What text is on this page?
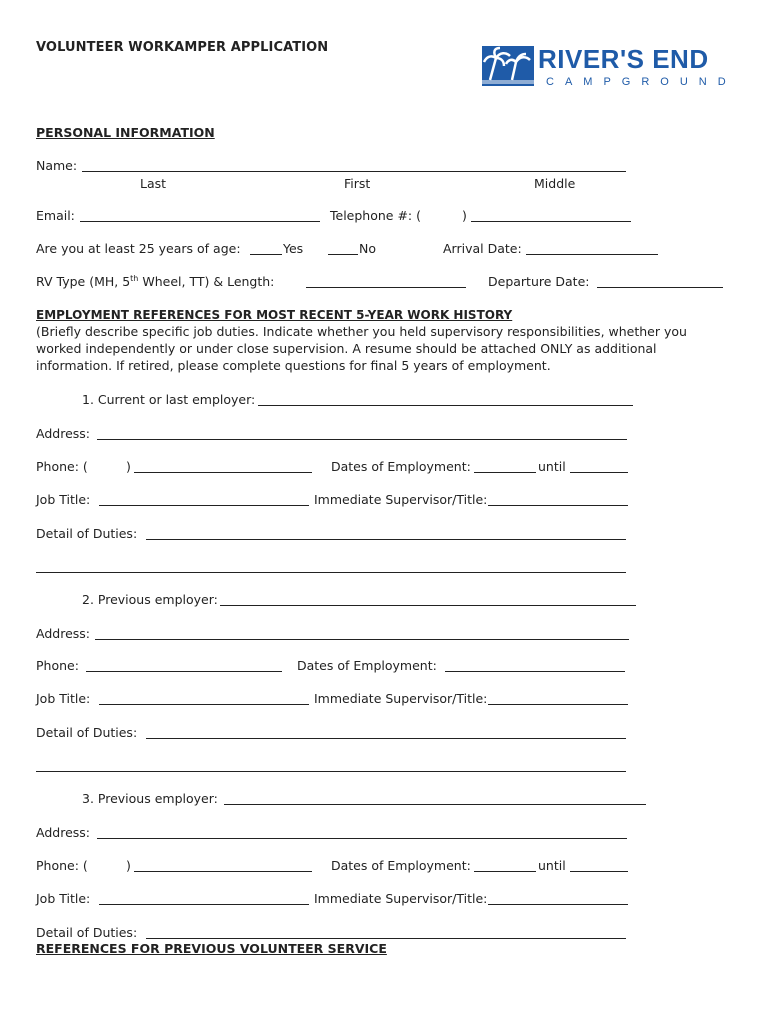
VOLUNTEER WORKAMPER APPLICATION	RIVER'S END
CAMPGROUND
PERSONAL INFORMATION
Name:
Last	First	Middle
Email:	Telephone #: (	)
Are you at least 25 years of age:	Yes	No	Arrival Date:
RV Type (MH, 5th Wheel, TT) & Length:	Departure Date:
EMPLOYMENT REFERENCES FOR MOST RECENT 5-YEAR WORK HISTORY
(Briefly describe specific job duties. Indicate whether you held supervisory responsibilities, whether you worked independently or under close supervision. A resume should be attached ONLY as additional information. If retired, please complete questions for final 5 years of employment.
1. Current or last employer:
Address:
Phone: (	)	Dates of Employment:	until
Job Title:	Immediate Supervisor/Title:
Detail of Duties:
2. Previous employer:
Address:
Phone:	Dates of Employment:
Job Title:	Immediate Supervisor/Title:
Detail of Duties:
3. Previous employer:
Address:
Phone: (	)	Dates of Employment:	until
Job Title:	Immediate Supervisor/Title:
Detail of Duties:
REFERENCES FOR PREVIOUS VOLUNTEER SERVICE
